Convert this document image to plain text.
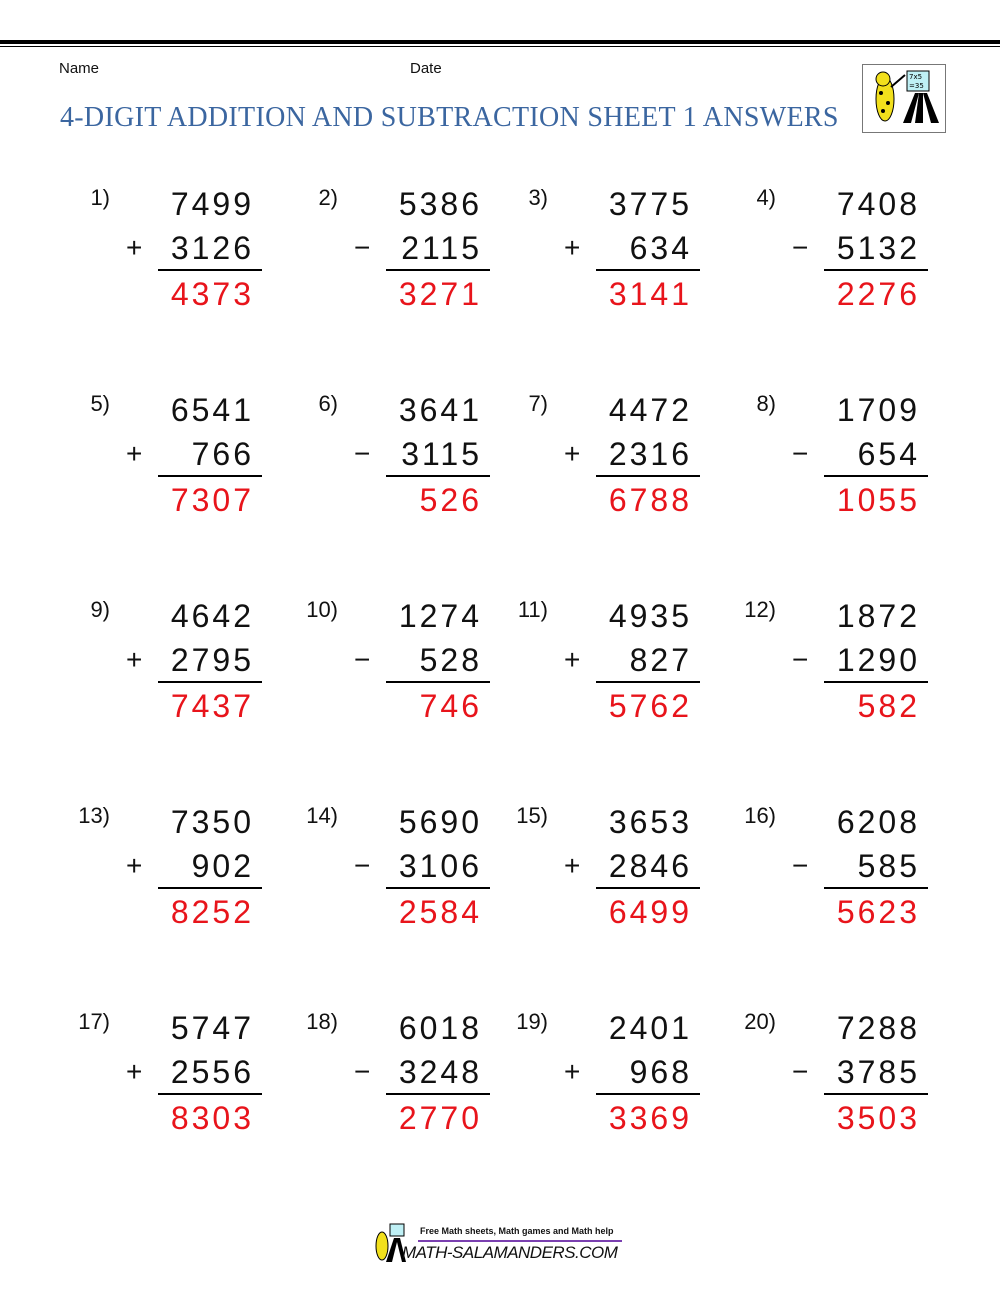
Name	Date
4-DIGIT ADDITION AND SUBTRACTION SHEET 1 ANSWERS
7x5
=35
1)	7499
+ 3126
4373
2)	5386
− 2115
3271
3)	3775
+	634
3141
4)	7408
− 5132
2276
5)	6541
+	766
7307
6)	3641
− 3115
526
7)	4472
+ 2316
6788
8)	1709
−	654
1055
9)	4642
+ 2795
7437
10)	1274
−	528
746
11)	4935
+	827
5762
12)	1872
− 1290
582
13)	7350
+	902
8252
14)	5690
− 3106
2584
15)	3653
+ 2846
6499
16)	6208
−	585
5623
17)	5747
+ 2556
8303
18)	6018
− 3248
2770
19)	2401
+	968
3369
20)	7288
− 3785
3503
Free Math sheets, Math games and Math help
MATH-SALAMANDERS.COM
